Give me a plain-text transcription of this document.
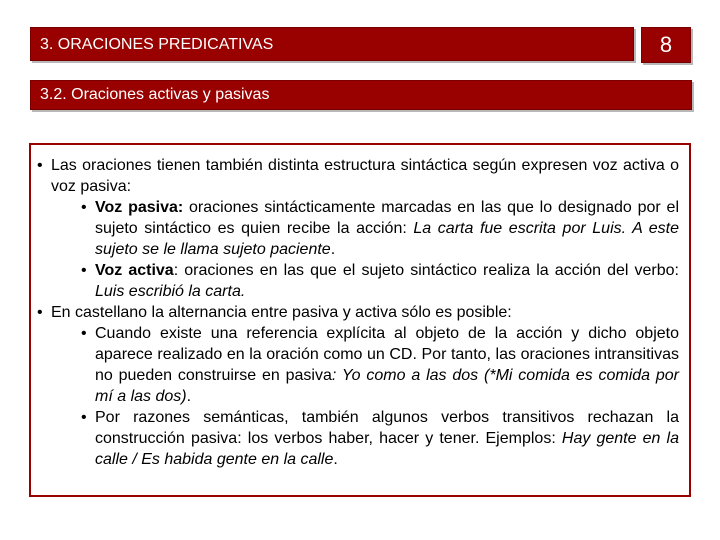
3. ORACIONES PREDICATIVAS	8
3.2. Oraciones activas y pasivas
• Las oraciones tienen también distinta estructura sintáctica según expresen voz activa o voz pasiva:
• Voz pasiva: oraciones sintácticamente marcadas en las que lo designado por el sujeto sintáctico es quien recibe la acción: La carta fue escrita por Luis. A este sujeto se le llama sujeto paciente.
• Voz activa: oraciones en las que el sujeto sintáctico realiza la acción del verbo: Luis escribió la carta.
• En castellano la alternancia entre pasiva y activa sólo es posible:
• Cuando existe una referencia explícita al objeto de la acción y dicho objeto aparece realizado en la oración como un CD. Por tanto, las oraciones intransitivas no pueden construirse en pasiva: Yo como a las dos (*Mi comida es comida por mí a las dos).
• Por razones semánticas, también algunos verbos transitivos rechazan la construcción pasiva: los verbos haber, hacer y tener. Ejemplos: Hay gente en la calle / Es habida gente en la calle.
